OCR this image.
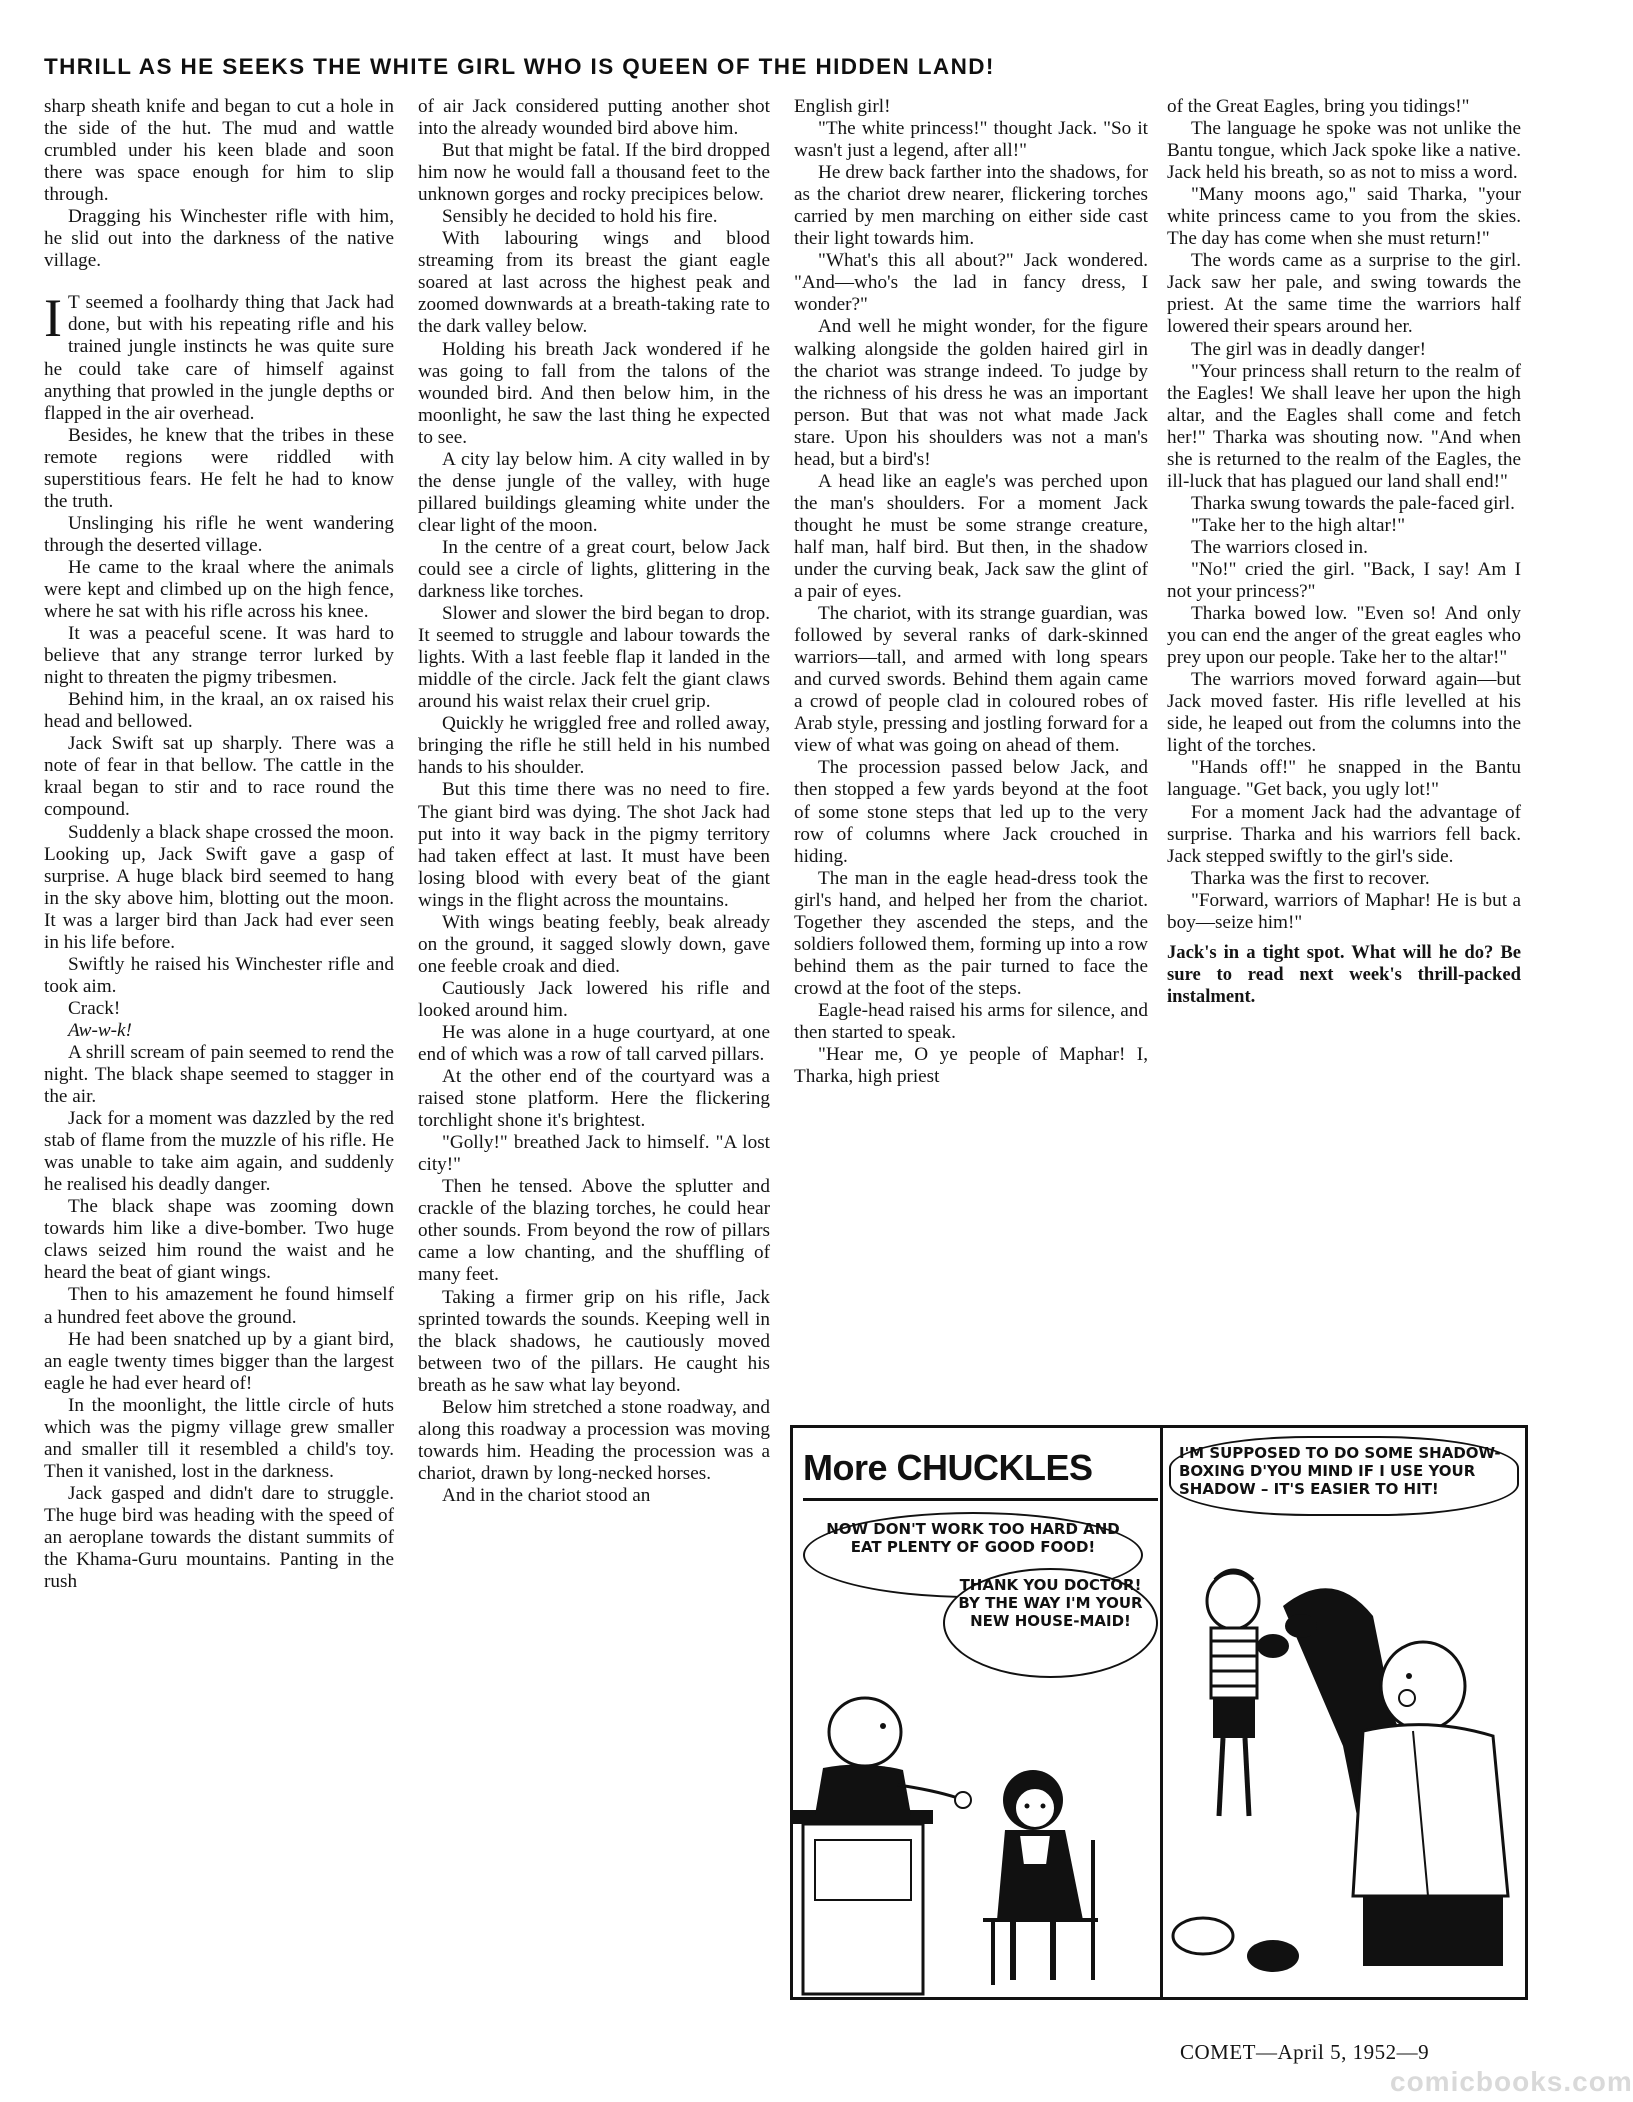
THRILL AS HE SEEKS THE WHITE GIRL WHO IS QUEEN OF THE HIDDEN LAND!

sharp sheath knife and began to cut a hole in the side of the hut. The mud and wattle crumbled under his keen blade and soon there was space enough for him to slip through.

Dragging his Winchester rifle with him, he slid out into the darkness of the native village.

I T seemed a foolhardy thing that Jack had done, but with his repeating rifle and his trained jungle instincts he was quite sure he could take care of himself against anything that prowled in the jungle depths or flapped in the air overhead.

Besides, he knew that the tribes in these remote regions were riddled with superstitious fears. He felt he had to know the truth.

Unslinging his rifle he went wandering through the deserted village.

He came to the kraal where the animals were kept and climbed up on the high fence, where he sat with his rifle across his knee.

It was a peaceful scene. It was hard to believe that any strange terror lurked by night to threaten the pigmy tribesmen.

Behind him, in the kraal, an ox raised his head and bellowed.

Jack Swift sat up sharply. There was a note of fear in that bellow. The cattle in the kraal began to stir and to race round the compound.

Suddenly a black shape crossed the moon. Looking up, Jack Swift gave a gasp of surprise. A huge black bird seemed to hang in the sky above him, blotting out the moon. It was a larger bird than Jack had ever seen in his life before.

Swiftly he raised his Winchester rifle and took aim.

Crack!

Aw-w-k!

A shrill scream of pain seemed to rend the night. The black shape seemed to stagger in the air.

Jack for a moment was dazzled by the red stab of flame from the muzzle of his rifle. He was unable to take aim again, and suddenly he realised his deadly danger.

The black shape was zooming down towards him like a dive-bomber. Two huge claws seized him round the waist and he heard the beat of giant wings.

Then to his amazement he found himself a hundred feet above the ground.

He had been snatched up by a giant bird, an eagle twenty times bigger than the largest eagle he had ever heard of!

In the moonlight, the little circle of huts which was the pigmy village grew smaller and smaller till it resembled a child's toy. Then it vanished, lost in the darkness.

Jack gasped and didn't dare to struggle. The huge bird was heading with the speed of an aeroplane towards the distant summits of the Khama-Guru mountains. Panting in the rush

of air Jack considered putting another shot into the already wounded bird above him.

But that might be fatal. If the bird dropped him now he would fall a thousand feet to the unknown gorges and rocky precipices below.

Sensibly he decided to hold his fire.

With labouring wings and blood streaming from its breast the giant eagle soared at last across the highest peak and zoomed downwards at a breath-taking rate to the dark valley below.

Holding his breath Jack wondered if he was going to fall from the talons of the wounded bird. And then below him, in the moonlight, he saw the last thing he expected to see.

A city lay below him. A city walled in by the dense jungle of the valley, with huge pillared buildings gleaming white under the clear light of the moon.

In the centre of a great court, below Jack could see a circle of lights, glittering in the darkness like torches.

Slower and slower the bird began to drop. It seemed to struggle and labour towards the lights. With a last feeble flap it landed in the middle of the circle. Jack felt the giant claws around his waist relax their cruel grip.

Quickly he wriggled free and rolled away, bringing the rifle he still held in his numbed hands to his shoulder.

But this time there was no need to fire. The giant bird was dying. The shot Jack had put into it way back in the pigmy territory had taken effect at last. It must have been losing blood with every beat of the giant wings in the flight across the mountains.

With wings beating feebly, beak already on the ground, it sagged slowly down, gave one feeble croak and died.

Cautiously Jack lowered his rifle and looked around him.

He was alone in a huge courtyard, at one end of which was a row of tall carved pillars.

At the other end of the courtyard was a raised stone platform. Here the flickering torchlight shone it's brightest.

"Golly!" breathed Jack to himself. "A lost city!"

Then he tensed. Above the splutter and crackle of the blazing torches, he could hear other sounds. From beyond the row of pillars came a low chanting, and the shuffling of many feet.

Taking a firmer grip on his rifle, Jack sprinted towards the sounds. Keeping well in the black shadows, he cautiously moved between two of the pillars. He caught his breath as he saw what lay beyond.

Below him stretched a stone roadway, and along this roadway a procession was moving towards him. Heading the procession was a chariot, drawn by long-necked horses.

And in the chariot stood an

English girl!

"The white princess!" thought Jack. "So it wasn't just a legend, after all!"

He drew back farther into the shadows, for as the chariot drew nearer, flickering torches carried by men marching on either side cast their light towards him.

"What's this all about?" Jack wondered. "And—who's the lad in fancy dress, I wonder?"

And well he might wonder, for the figure walking alongside the golden haired girl in the chariot was strange indeed. To judge by the richness of his dress he was an important person. But that was not what made Jack stare. Upon his shoulders was not a man's head, but a bird's!

A head like an eagle's was perched upon the man's shoulders. For a moment Jack thought he must be some strange creature, half man, half bird. But then, in the shadow under the curving beak, Jack saw the glint of a pair of eyes.

The chariot, with its strange guardian, was followed by several ranks of dark-skinned warriors—tall, and armed with long spears and curved swords. Behind them again came a crowd of people clad in coloured robes of Arab style, pressing and jostling forward for a view of what was going on ahead of them.

The procession passed below Jack, and then stopped a few yards beyond at the foot of some stone steps that led up to the very row of columns where Jack crouched in hiding.

The man in the eagle head-dress took the girl's hand, and helped her from the chariot. Together they ascended the steps, and the soldiers followed them, forming up into a row behind them as the pair turned to face the crowd at the foot of the steps.

Eagle-head raised his arms for silence, and then started to speak.

"Hear me, O ye people of Maphar! I, Tharka, high priest

of the Great Eagles, bring you tidings!"

The language he spoke was not unlike the Bantu tongue, which Jack spoke like a native. Jack held his breath, so as not to miss a word.

"Many moons ago," said Tharka, "your white princess came to you from the skies. The day has come when she must return!"

The words came as a surprise to the girl. Jack saw her pale, and swing towards the priest. At the same time the warriors half lowered their spears around her.

The girl was in deadly danger!

"Your princess shall return to the realm of the Eagles! We shall leave her upon the high altar, and the Eagles shall come and fetch her!" Tharka was shouting now. "And when she is returned to the realm of the Eagles, the ill-luck that has plagued our land shall end!"

Tharka swung towards the pale-faced girl.

"Take her to the high altar!"

The warriors closed in.

"No!" cried the girl. "Back, I say! Am I not your princess?"

Tharka bowed low. "Even so! And only you can end the anger of the great eagles who prey upon our people. Take her to the altar!"

The warriors moved forward again—but Jack moved faster. His rifle levelled at his side, he leaped out from the columns into the light of the torches.

"Hands off!" he snapped in the Bantu language. "Get back, you ugly lot!"

For a moment Jack had the advantage of surprise. Tharka and his warriors fell back. Jack stepped swiftly to the girl's side.

Tharka was the first to recover.

"Forward, warriors of Maphar! He is but a boy—seize him!"

Jack's in a tight spot. What will he do? Be sure to read next week's thrill-packed instalment.

More CHUCKLES
NOW DON'T WORK TOO HARD AND EAT PLENTY OF GOOD FOOD!
THANK YOU DOCTOR! BY THE WAY I'M YOUR NEW HOUSE-MAID!
I'M SUPPOSED TO DO SOME SHADOW-BOXING D'YOU MIND IF I USE YOUR SHADOW – IT'S EASIER TO HIT!
COMET—April 5, 1952—9
comicbooks.com
